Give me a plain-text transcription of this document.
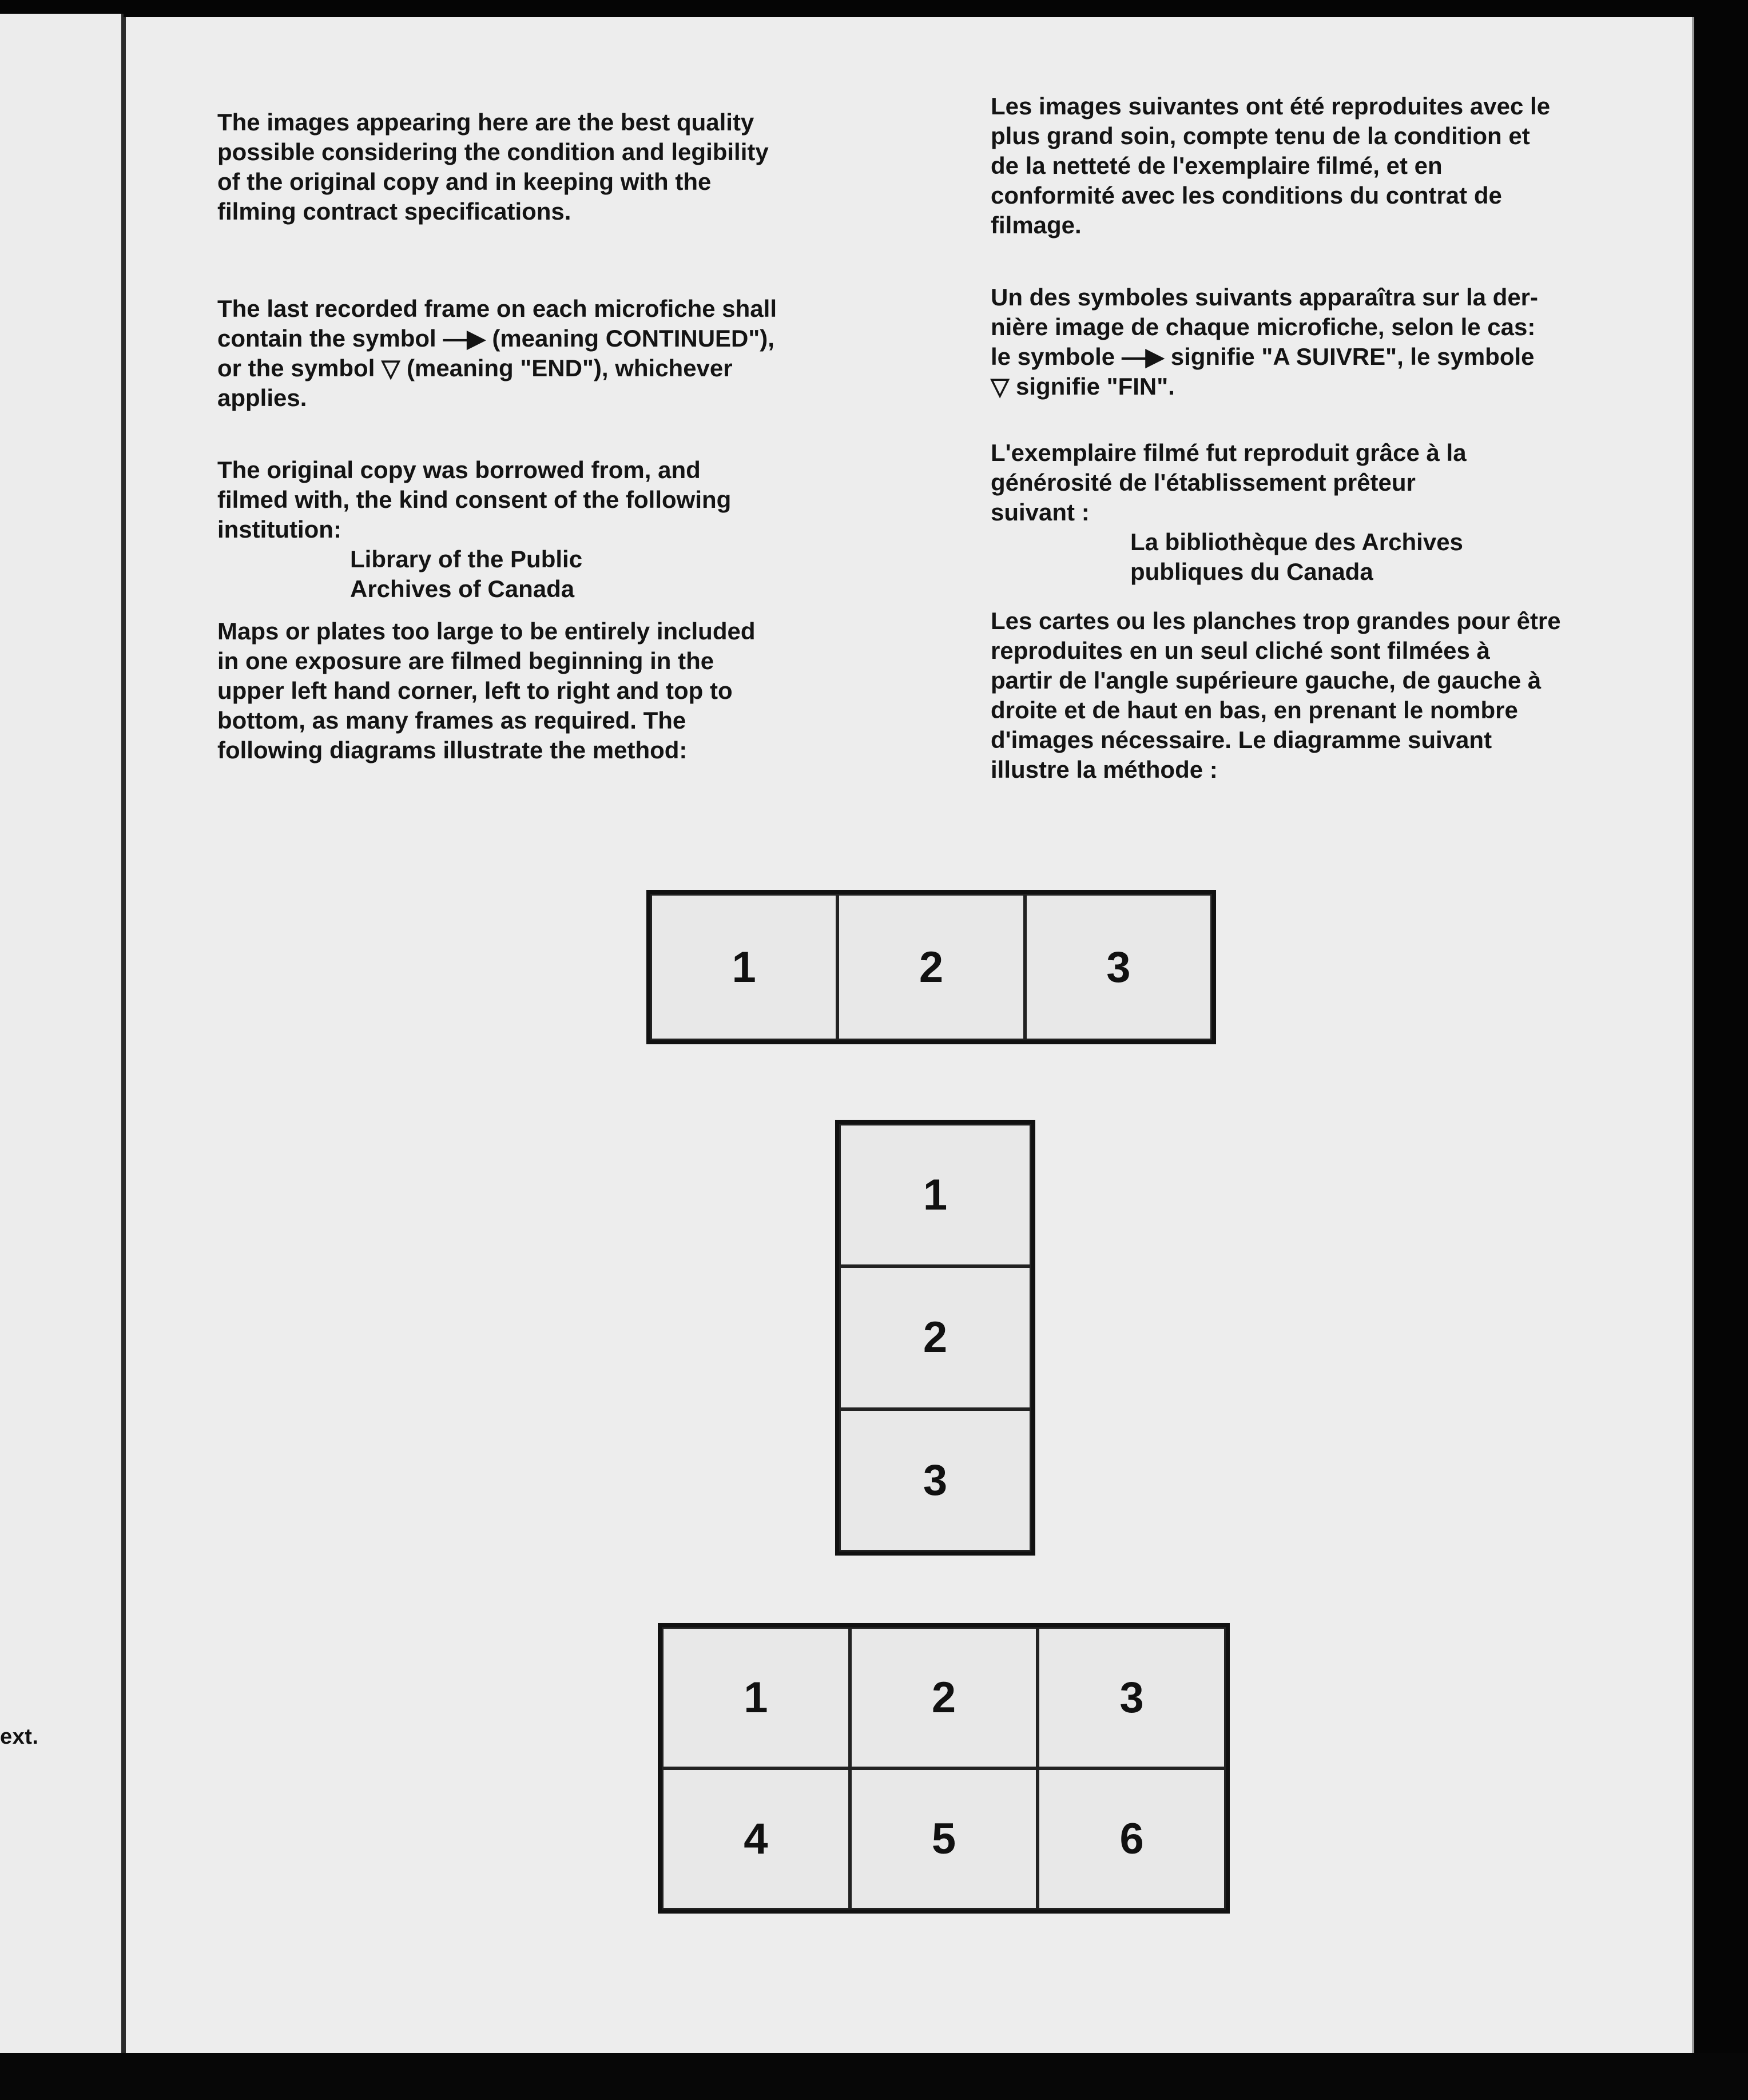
ext.

The images appearing here are the best quality
possible considering the condition and legibility
of the original copy and in keeping with the
filming contract specifications.

The last recorded frame on each microfiche shall
contain the symbol —▶ (meaning CONTINUED"),
or the symbol ▽ (meaning "END"), whichever
applies.

The original copy was borrowed from, and
filmed with, the kind consent of the following
institution:

Library of the Public
Archives of Canada

Maps or plates too large to be entirely included
in one exposure are filmed beginning in the
upper left hand corner, left to right and top to
bottom, as many frames as required. The
following diagrams illustrate the method:

Les images suivantes ont été reproduites avec le
plus grand soin, compte tenu de la condition et
de la netteté de l'exemplaire filmé, et en
conformité avec les conditions du contrat de
filmage.

Un des symboles suivants apparaîtra sur la der-
nière image de chaque microfiche, selon le cas:
le symbole —▶ signifie "A SUIVRE", le symbole
▽ signifie "FIN".

L'exemplaire filmé fut reproduit grâce à la
générosité de l'établissement prêteur
suivant :

La bibliothèque des Archives
publiques du Canada

Les cartes ou les planches trop grandes pour être
reproduites en un seul cliché sont filmées à
partir de l'angle supérieure gauche, de gauche à
droite et de haut en bas, en prenant le nombre
d'images nécessaire. Le diagramme suivant
illustre la méthode :

1	2	3
1
2
3
1	2	3
4	5	6
